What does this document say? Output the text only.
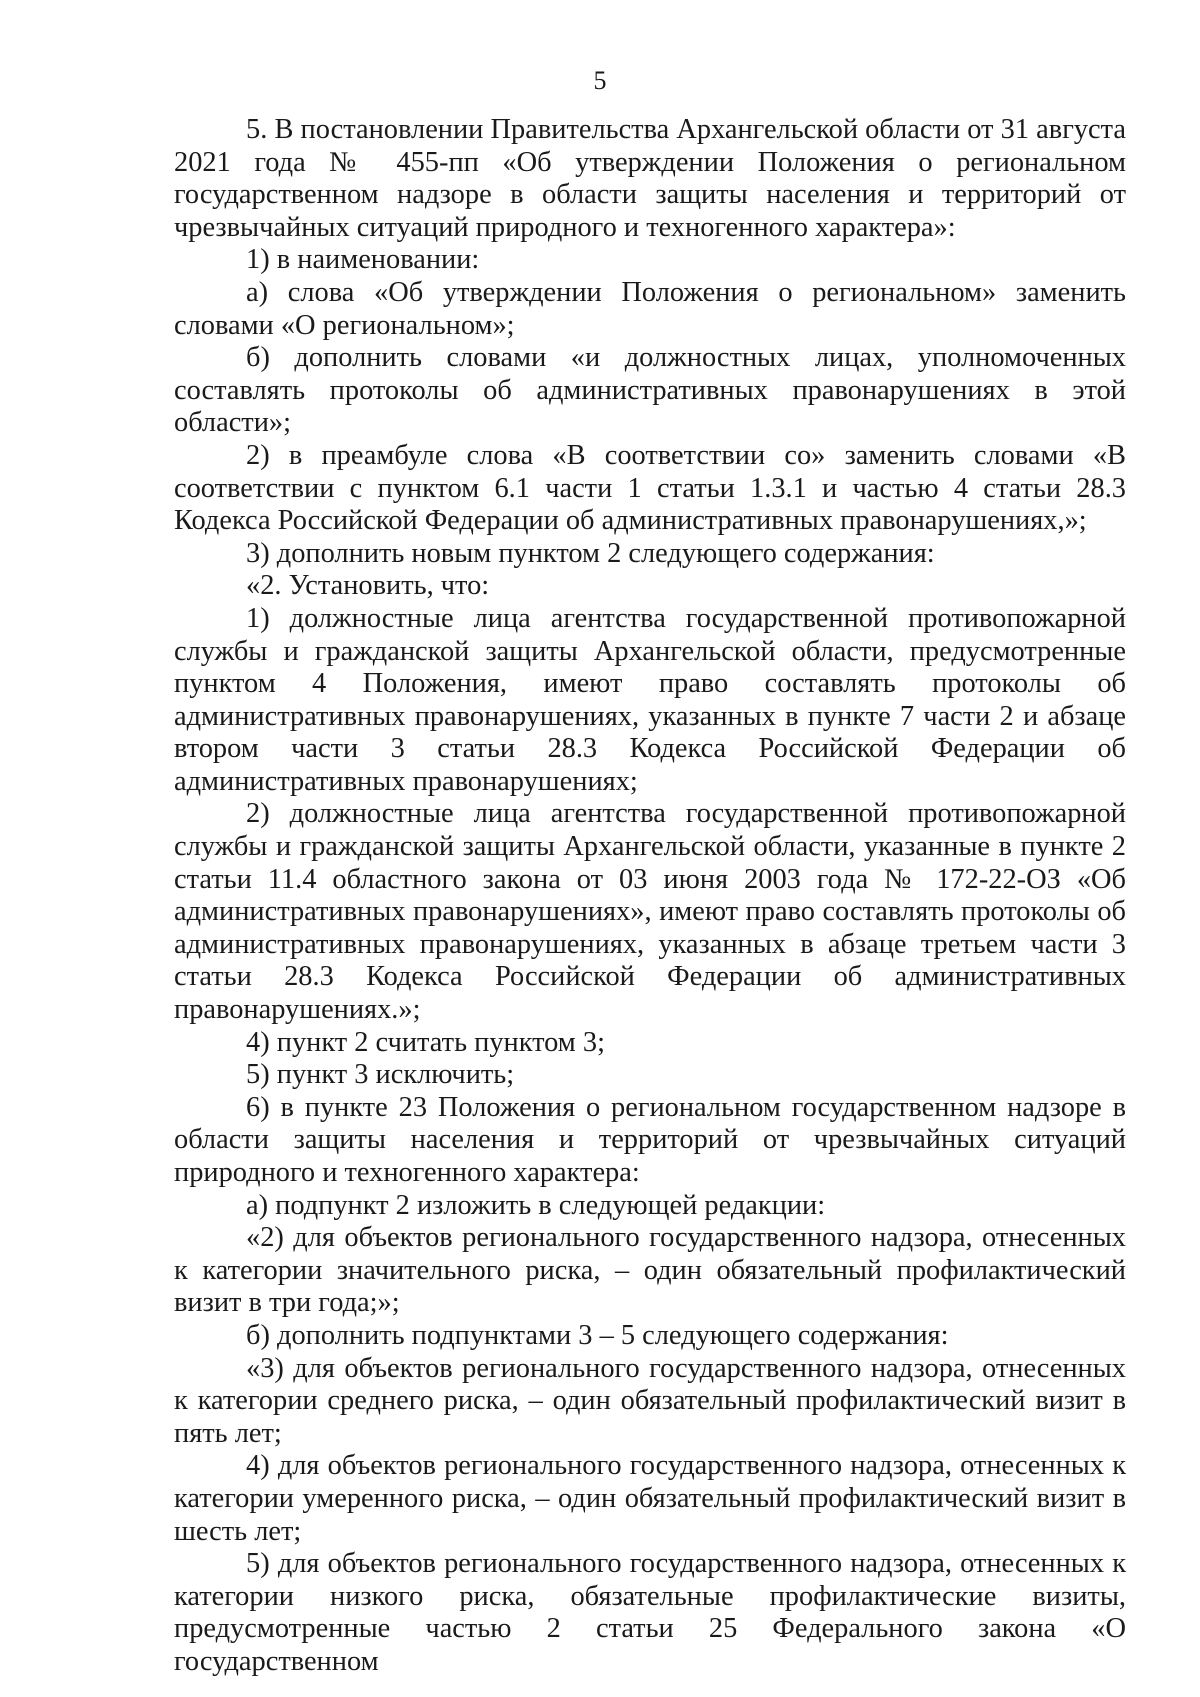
5

5. В постановлении Правительства Архангельской области от 31 августа 2021 года № 455-пп «Об утверждении Положения о региональном государственном надзоре в области защиты населения и территорий от чрезвычайных ситуаций природного и техногенного характера»:

1) в наименовании:

а) слова «Об утверждении Положения о региональном» заменить словами «О региональном»;

б) дополнить словами «и должностных лицах, уполномоченных составлять протоколы об административных правонарушениях в этой области»;

2) в преамбуле слова «В соответствии со» заменить словами «В соответствии с пунктом 6.1 части 1 статьи 1.3.1 и частью 4 статьи 28.3 Кодекса Российской Федерации об административных правонарушениях,»;

3) дополнить новым пунктом 2 следующего содержания:

«2. Установить, что:

1) должностные лица агентства государственной противопожарной службы и гражданской защиты Архангельской области, предусмотренные пунктом 4 Положения, имеют право составлять протоколы об административных правонарушениях, указанных в пункте 7 части 2 и абзаце втором части 3 статьи 28.3 Кодекса Российской Федерации об административных правонарушениях;

2) должностные лица агентства государственной противопожарной службы и гражданской защиты Архангельской области, указанные в пункте 2 статьи 11.4 областного закона от 03 июня 2003 года № 172-22-ОЗ «Об административных правонарушениях», имеют право составлять протоколы об административных правонарушениях, указанных в абзаце третьем части 3 статьи 28.3 Кодекса Российской Федерации об административных правонарушениях.»;

4) пункт 2 считать пунктом 3;

5) пункт 3 исключить;

6) в пункте 23 Положения о региональном государственном надзоре в области защиты населения и территорий от чрезвычайных ситуаций природного и техногенного характера:

а) подпункт 2 изложить в следующей редакции:

«2) для объектов регионального государственного надзора, отнесенных к категории значительного риска, – один обязательный профилактический визит в три года;»;

б) дополнить подпунктами 3 – 5 следующего содержания:

«3) для объектов регионального государственного надзора, отнесенных к категории среднего риска, – один обязательный профилактический визит в пять лет;

4) для объектов регионального государственного надзора, отнесенных к категории умеренного риска, – один обязательный профилактический визит в шесть лет;

5) для объектов регионального государственного надзора, отнесенных к категории низкого риска, обязательные профилактические визиты, предусмотренные частью 2 статьи 25 Федерального закона «О государственном
